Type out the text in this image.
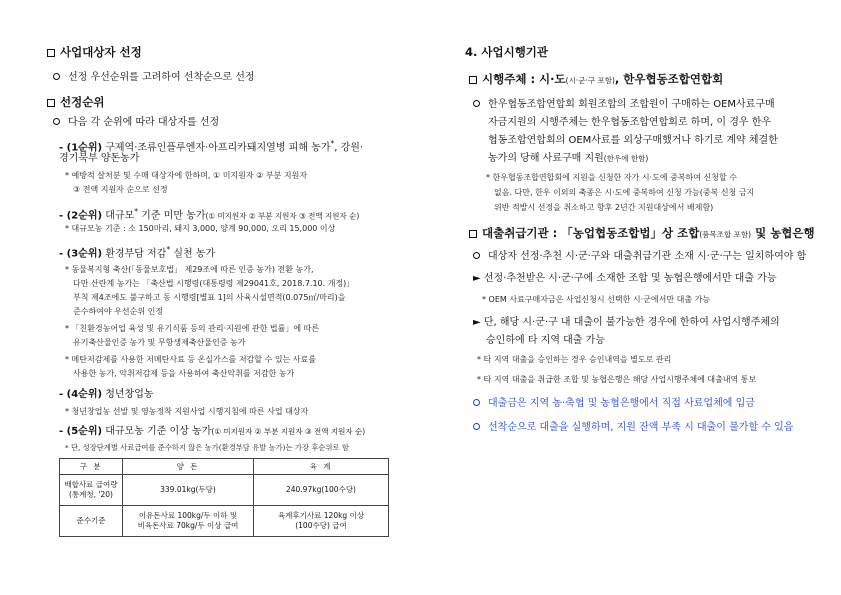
사업대상자 선정
선정 우선순위를 고려하여 선착순으로 선정
선정순위
다음 각 순위에 따라 대상자를 선정
- (1순위) 구제역·조류인플루엔자·아프리카돼지열병 피해 농가*, 강원·
경기북부 양돈농가
* 예방적 살처분 및 수매 대상자에 한하며, ① 미지원자 ② 부분 지원자
③ 전액 지원자 순으로 선정
- (2순위) 대규모* 기준 미만 농가(① 미지원자 ② 부분 지원자 ③ 전액 지원자 순)
* 대규모농 기준 : 소 150마리, 돼지 3,000, 양계 90,000, 오리 15,000 이상
- (3순위) 환경부담 저감* 실천 농가
* 동물복지형 축산(「동물보호법」 제29조에 따른 인증 농가) 전환 농가,
다만 산란계 농가는 「축산법 시행령(대통령령 제29041호, 2018.7.10. 개정)」
부칙 제4조에도 불구하고 동 시행령[별표 1]의 사육시설면적(0.075㎡/마리)을
준수하여야 우선순위 인정
* 「친환경농어업 육성 및 유기식품 등의 관리·지원에 관한 법률」에 따른
유기축산물인증 농가 및 무항생제축산물인증 농가
* 메탄저감제를 사용한 저메탄사료 등 온실가스를 저감할 수 있는 사료를
사용한 농가, 악취저감제 등을 사용하여 축산악취를 저감한 농가
- (4순위) 청년창업농
* 청년창업농 선발 및 영농정착 지원사업 시행지침에 따른 사업 대상자
- (5순위) 대규모농 기준 이상 농가(① 미지원자 ② 부분 지원자 ③ 전액 지원자 순)
* 단, 성장단계별 사료급여를 준수하지 않은 농가(환경부담 유발 농가)는 가장 후순위로 함
구 분	양 돈	육 계
배합사료 급여량
(통계청, '20)	339.01kg(두당)	240.97kg(100수당)
준수기준	이유돈사료 100kg/두 이하 및
비육돈사료 70kg/두 이상 급여	육계후기사료 120kg 이상
(100수당) 급여
4. 사업시행기관
시행주체 : 시·도(시·군·구 포함), 한우협동조합연합회
한우협동조합연합회 회원조합의 조합원이 구매하는 OEM사료구매
자금지원의 시행주체는 한우협동조합연합회로 하며, 이 경우 한우
협동조합연합회의 OEM사료를 외상구매했거나 하기로 계약 체결한
농가의 당해 사료구매 지원(한우에 한함)
* 한우협동조합연합회에 지원을 신청한 자가 시·도에 중복하여 신청할 수
없음. 다만, 한우 이외의 축종은 시·도에 중복하여 신청 가능(중복 신청 금지
위반 적발시 선정을 취소하고 향후 2년간 지원대상에서 배제함)
대출취급기관 : 「농업협동조합법」상 조합(품목조합 포함) 및 농협은행
대상자 선정·추천 시·군·구와 대출취급기관 소재 시·군·구는 일치하여야 함
► 선정·추천받은 시·군·구에 소재한 조합 및 농협은행에서만 대출 가능
* OEM 사료구매자금은 사업신청시 선택한 시·군에서만 대출 가능
► 단, 해당 시·군·구 내 대출이 불가능한 경우에 한하여 사업시행주체의
승인하에 타 지역 대출 가능
* 타 지역 대출을 승인하는 경우 승인내역을 별도로 관리
* 타 지역 대출을 취급한 조합 및 농협은행은 해당 사업시행주체에 대출내역 통보
대출금은 지역 농·축협 및 농협은행에서 직접 사료업체에 입금
선착순으로 대출을 실행하며, 지원 잔액 부족 시 대출이 불가할 수 있음
